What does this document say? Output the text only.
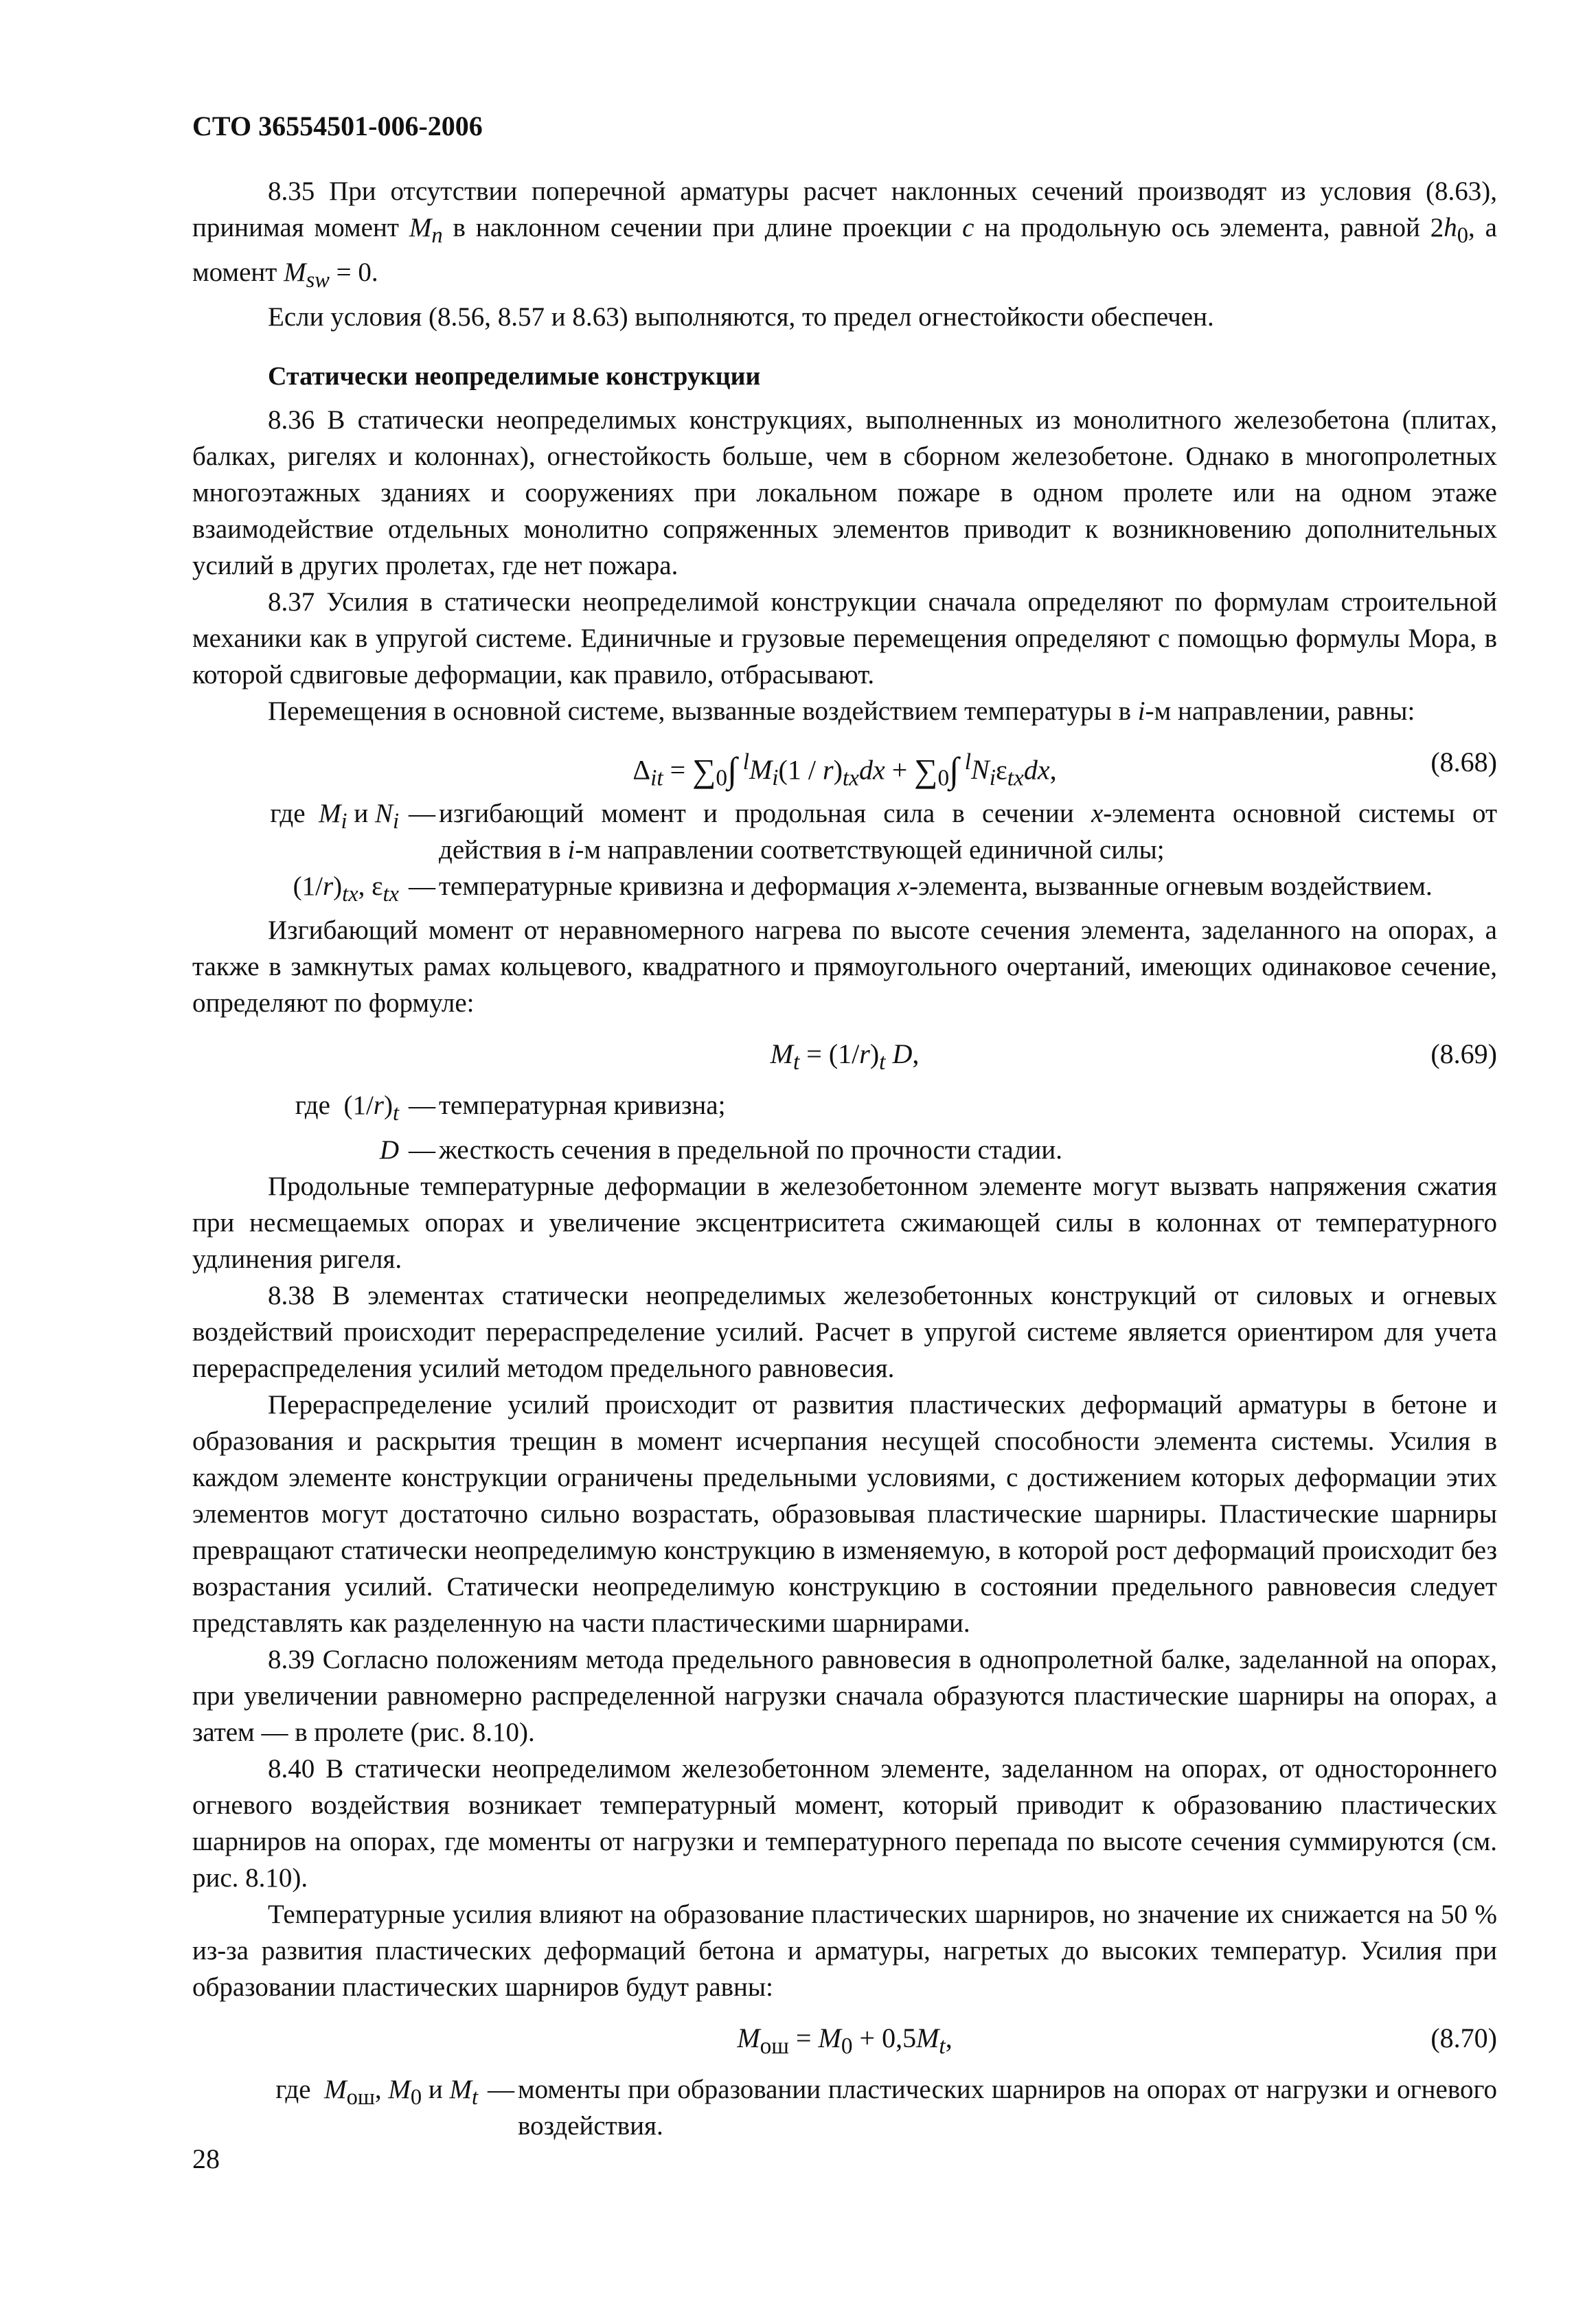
СТО 36554501-006-2006

8.35 При отсутствии поперечной арматуры расчет наклонных сечений производят из условия (8.63), принимая момент $M_n$ в наклонном сечении при длине проекции c на продольную ось элемента, равной $2h_0$, а момент $M_{sw} = 0$.

Если условия (8.56, 8.57 и 8.63) выполняются, то предел огнестойкости обеспечен.

Статически неопределимые конструкции

8.36 В статически неопределимых конструкциях, выполненных из монолитного железобетона (плитах, балках, ригелях и колоннах), огнестойкость больше, чем в сборном железобетоне. Однако в многопролетных многоэтажных зданиях и сооружениях при локальном пожаре в одном пролете или на одном этаже взаимодействие отдельных монолитно сопряженных элементов приводит к возникновению дополнительных усилий в других пролетах, где нет пожара.

8.37 Усилия в статически неопределимой конструкции сначала определяют по формулам строительной механики как в упругой системе. Единичные и грузовые перемещения определяют с помощью формулы Мора, в которой сдвиговые деформации, как правило, отбрасывают.

Перемещения в основной системе, вызванные воздействием температуры в i-м направлении, равны:

$\Delta_{it} = \sum_0\int$ $^lM_i(1 / r)_{tx}dx + \sum_0\int$ $^lN_i\varepsilon_{tx}dx$,	(8.68)
где $M_i$ и $N_i$ — изгибающий момент и продольная сила в сечении x-элемента основной системы от действия в i-м направлении соответствующей единичной силы;
$(1/r)_{tx}$, $\varepsilon_{tx}$ — температурные кривизна и деформация x-элемента, вызванные огневым воздействием.

Изгибающий момент от неравномерного нагрева по высоте сечения элемента, заделанного на опорах, а также в замкнутых рамах кольцевого, квадратного и прямоугольного очертаний, имеющих одинаковое сечение, определяют по формуле:

$M_t = (1/r)_t$ D,	(8.69)
где  $(1/r)_t$ — температурная кривизна;
D — жесткость сечения в предельной по прочности стадии.

Продольные температурные деформации в железобетонном элементе могут вызвать напряжения сжатия при несмещаемых опорах и увеличение эксцентриситета сжимающей силы в колоннах от температурного удлинения ригеля.

8.38 В элементах статически неопределимых железобетонных конструкций от силовых и огневых воздействий происходит перераспределение усилий. Расчет в упругой системе является ориентиром для учета перераспределения усилий методом предельного равновесия.

Перераспределение усилий происходит от развития пластических деформаций арматуры в бетоне и образования и раскрытия трещин в момент исчерпания несущей способности элемента системы. Усилия в каждом элементе конструкции ограничены предельными условиями, с достижением которых деформации этих элементов могут достаточно сильно возрастать, образовывая пластические шарниры. Пластические шарниры превращают статически неопределимую конструкцию в изменяемую, в которой рост деформаций происходит без возрастания усилий. Статически неопределимую конструкцию в состоянии предельного равновесия следует представлять как разделенную на части пластическими шарнирами.

8.39 Согласно положениям метода предельного равновесия в однопролетной балке, заделанной на опорах, при увеличении равномерно распределенной нагрузки сначала образуются пластические шарниры на опорах, а затем — в пролете (рис. 8.10).

8.40 В статически неопределимом железобетонном элементе, заделанном на опорах, от одностороннего огневого воздействия возникает температурный момент, который приводит к образованию пластических шарниров на опорах, где моменты от нагрузки и температурного перепада по высоте сечения суммируются (см. рис. 8.10).

Температурные усилия влияют на образование пластических шарниров, но значение их снижается на 50 % из-за развития пластических деформаций бетона и арматуры, нагретых до высоких температур. Усилия при образовании пластических шарниров будут равны:

$M_{ош} = M_0 + 0,5M_t$,	(8.70)
где $M_{ош}$, $M_0$ и $M_t$ — моменты при образовании пластических шарниров на опорах от нагрузки и огневого воздействия.
28
